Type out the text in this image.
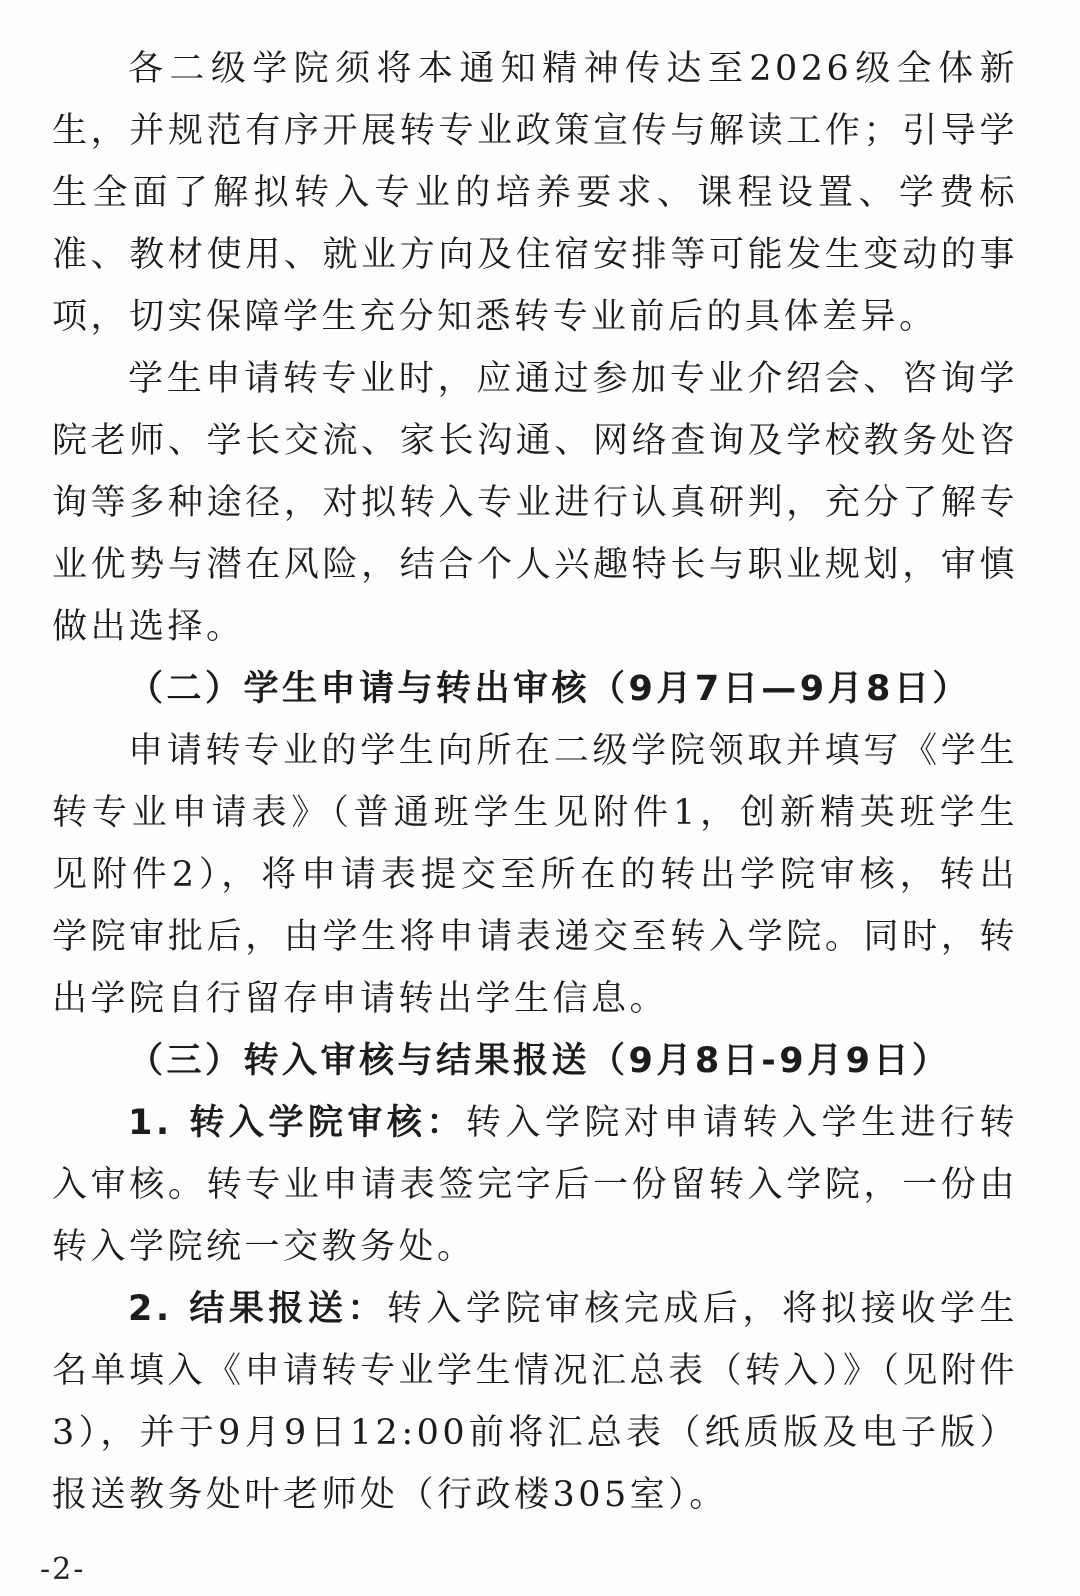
各二级学院须将本通知精神传达至2026级全体新生，并规范有序开展转专业政策宣传与解读工作；引导学生全面了解拟转入专业的培养要求、课程设置、学费标准、教材使用、就业方向及住宿安排等可能发生变动的事项，切实保障学生充分知悉转专业前后的具体差异。

学生申请转专业时，应通过参加专业介绍会、咨询学院老师、学长交流、家长沟通、网络查询及学校教务处咨询等多种途径，对拟转入专业进行认真研判，充分了解专业优势与潜在风险，结合个人兴趣特长与职业规划，审慎做出选择。

（二）学生申请与转出审核（9月7日—9月8日）

申请转专业的学生向所在二级学院领取并填写《学生转专业申请表》（普通班学生见附件1，创新精英班学生见附件2），将申请表提交至所在的转出学院审核，转出学院审批后，由学生将申请表递交至转入学院。同时，转出学院自行留存申请转出学生信息。

（三）转入审核与结果报送（9月8日-9月9日）

1. 转入学院审核：转入学院对申请转入学生进行转入审核。转专业申请表签完字后一份留转入学院，一份由转入学院统一交教务处。

2. 结果报送：转入学院审核完成后，将拟接收学生名单填入《申请转专业学生情况汇总表（转入）》（见附件3），并于9月9日12:00前将汇总表（纸质版及电子版）报送教务处叶老师处（行政楼305室）。

-2-
